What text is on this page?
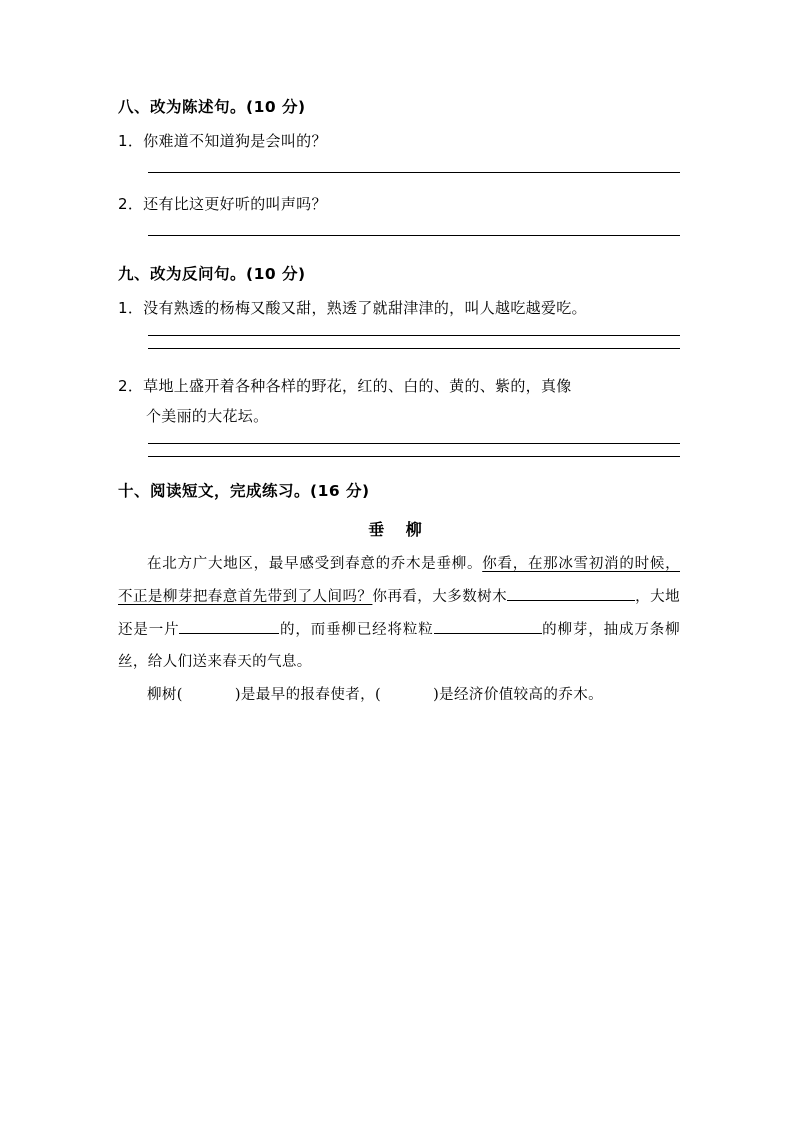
八、改为陈述句。(10 分)
1．你难道不知道狗是会叫的？
2．还有比这更好听的叫声吗？
九、改为反问句。(10 分)
1．没有熟透的杨梅又酸又甜，熟透了就甜津津的，叫人越吃越爱吃。
2．草地上盛开着各种各样的野花，红的、白的、黄的、紫的，真像
个美丽的大花坛。
十、阅读短文，完成练习。(16 分)
垂 柳

在北方广大地区，最早感受到春意的乔木是垂柳。你看，在那冰雪初消的时候，不正是柳芽把春意首先带到了人间吗？你再看，大多数树木	，大地还是一片	的，而垂柳已经将粒粒	的柳芽，抽成万条柳丝，给人们送来春天的气息。

柳树(	)是最早的报春使者，(	)是经济价值较高的乔木。
